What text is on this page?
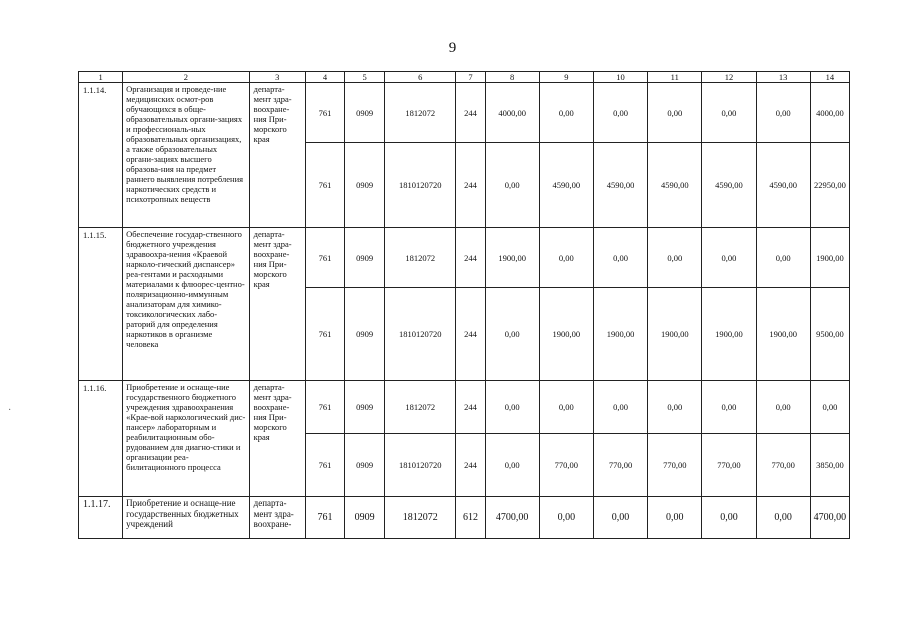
9
·
1	2	3	4	5	6	7	8	9	10	11	12	13	14
1.1.14.	Организация и проведе-ние медицинских осмот-ров обучающихся в обще-образовательных органи-зациях и профессиональ-ных образовательных организациях, а также образовательных органи-зациях высшего образова-ния на предмет раннего выявления потребления наркотических средств и психотропных веществ	департа-мент здра-воохране-ния При-морского края	761	0909	1812072	244	4000,00	0,00	0,00	0,00	0,00	0,00	4000,00
			761	0909	1810120720	244	0,00	4590,00	4590,00	4590,00	4590,00	4590,00	22950,00
1.1.15.	Обеспечение государ-ственного бюджетного учреждения здравоохра-нения «Краевой нарколо-гический диспансер» реа-гентами и расходными материалами к флюорес-центно-поляризационно-иммунным анализаторам для химико-токсикологических лабо-раторий для определения наркотиков в организме человека	департа-мент здра-воохране-ния При-морского края	761	0909	1812072	244	1900,00	0,00	0,00	0,00	0,00	0,00	1900,00
			761	0909	1810120720	244	0,00	1900,00	1900,00	1900,00	1900,00	1900,00	9500,00
1.1.16.	Приобретение и оснаще-ние государственного бюджетного учреждения здравоохранения «Крае-вой наркологический дис-пансер» лабораторным и реабилитационным обо-рудованием для диагно-стики и организации реа-билитационного процесса	департа-мент здра-воохране-ния При-морского края	761	0909	1812072	244	0,00	0,00	0,00	0,00	0,00	0,00	0,00
			761	0909	1810120720	244	0,00	770,00	770,00	770,00	770,00	770,00	3850,00
1.1.17.	Приобретение и оснаще-ние государственных бюджетных учреждений	департа-мент здра-воохране-	761	0909	1812072	612	4700,00	0,00	0,00	0,00	0,00	0,00	4700,00
